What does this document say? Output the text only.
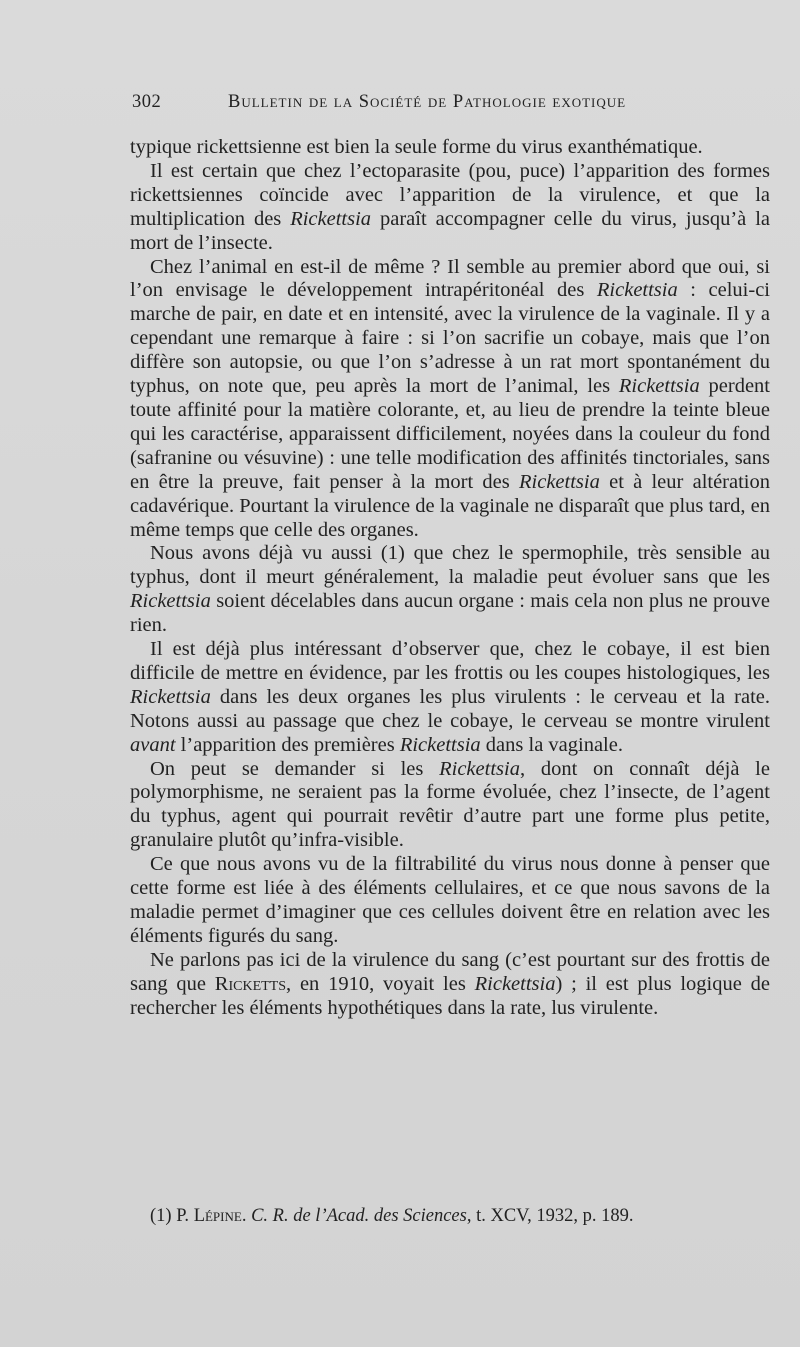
302	Bulletin de la Société de Pathologie exotique

typique rickettsienne est bien la seule forme du virus exanthématique.

Il est certain que chez l’ectoparasite (pou, puce) l’apparition des formes rickettsiennes coïncide avec l’apparition de la virulence, et que la multiplication des Rickettsia paraît accompagner celle du virus, jusqu’à la mort de l’insecte.

Chez l’animal en est-il de même ? Il semble au premier abord que oui, si l’on envisage le développement intrapéritonéal des Rickettsia : celui-ci marche de pair, en date et en intensité, avec la virulence de la vaginale. Il y a cependant une remarque à faire : si l’on sacrifie un cobaye, mais que l’on diffère son autopsie, ou que l’on s’adresse à un rat mort spontanément du typhus, on note que, peu après la mort de l’animal, les Rickettsia perdent toute affinité pour la matière colorante, et, au lieu de prendre la teinte bleue qui les caractérise, apparaissent difficilement, noyées dans la couleur du fond (safranine ou vésuvine) : une telle modification des affinités tinctoriales, sans en être la preuve, fait penser à la mort des Rickettsia et à leur altération cadavérique. Pourtant la virulence de la vaginale ne disparaît que plus tard, en même temps que celle des organes.

Nous avons déjà vu aussi (1) que chez le spermophile, très sensible au typhus, dont il meurt généralement, la maladie peut évoluer sans que les Rickettsia soient décelables dans aucun organe : mais cela non plus ne prouve rien.

Il est déjà plus intéressant d’observer que, chez le cobaye, il est bien difficile de mettre en évidence, par les frottis ou les coupes histologiques, les Rickettsia dans les deux organes les plus virulents : le cerveau et la rate. Notons aussi au passage que chez le cobaye, le cerveau se montre virulent avant l’apparition des premières Rickettsia dans la vaginale.

On peut se demander si les Rickettsia, dont on connaît déjà le polymorphisme, ne seraient pas la forme évoluée, chez l’insecte, de l’agent du typhus, agent qui pourrait revêtir d’autre part une forme plus petite, granulaire plutôt qu’infra-visible.

Ce que nous avons vu de la filtrabilité du virus nous donne à penser que cette forme est liée à des éléments cellulaires, et ce que nous savons de la maladie permet d’imaginer que ces cellules doivent être en relation avec les éléments figurés du sang.

Ne parlons pas ici de la virulence du sang (c’est pourtant sur des frottis de sang que Ricketts, en 1910, voyait les Rickettsia) ; il est plus logique de rechercher les éléments hypothétiques dans la rate, lus virulente.

(1) P. Lépine. C. R. de l’Acad. des Sciences, t. XCV, 1932, p. 189.
